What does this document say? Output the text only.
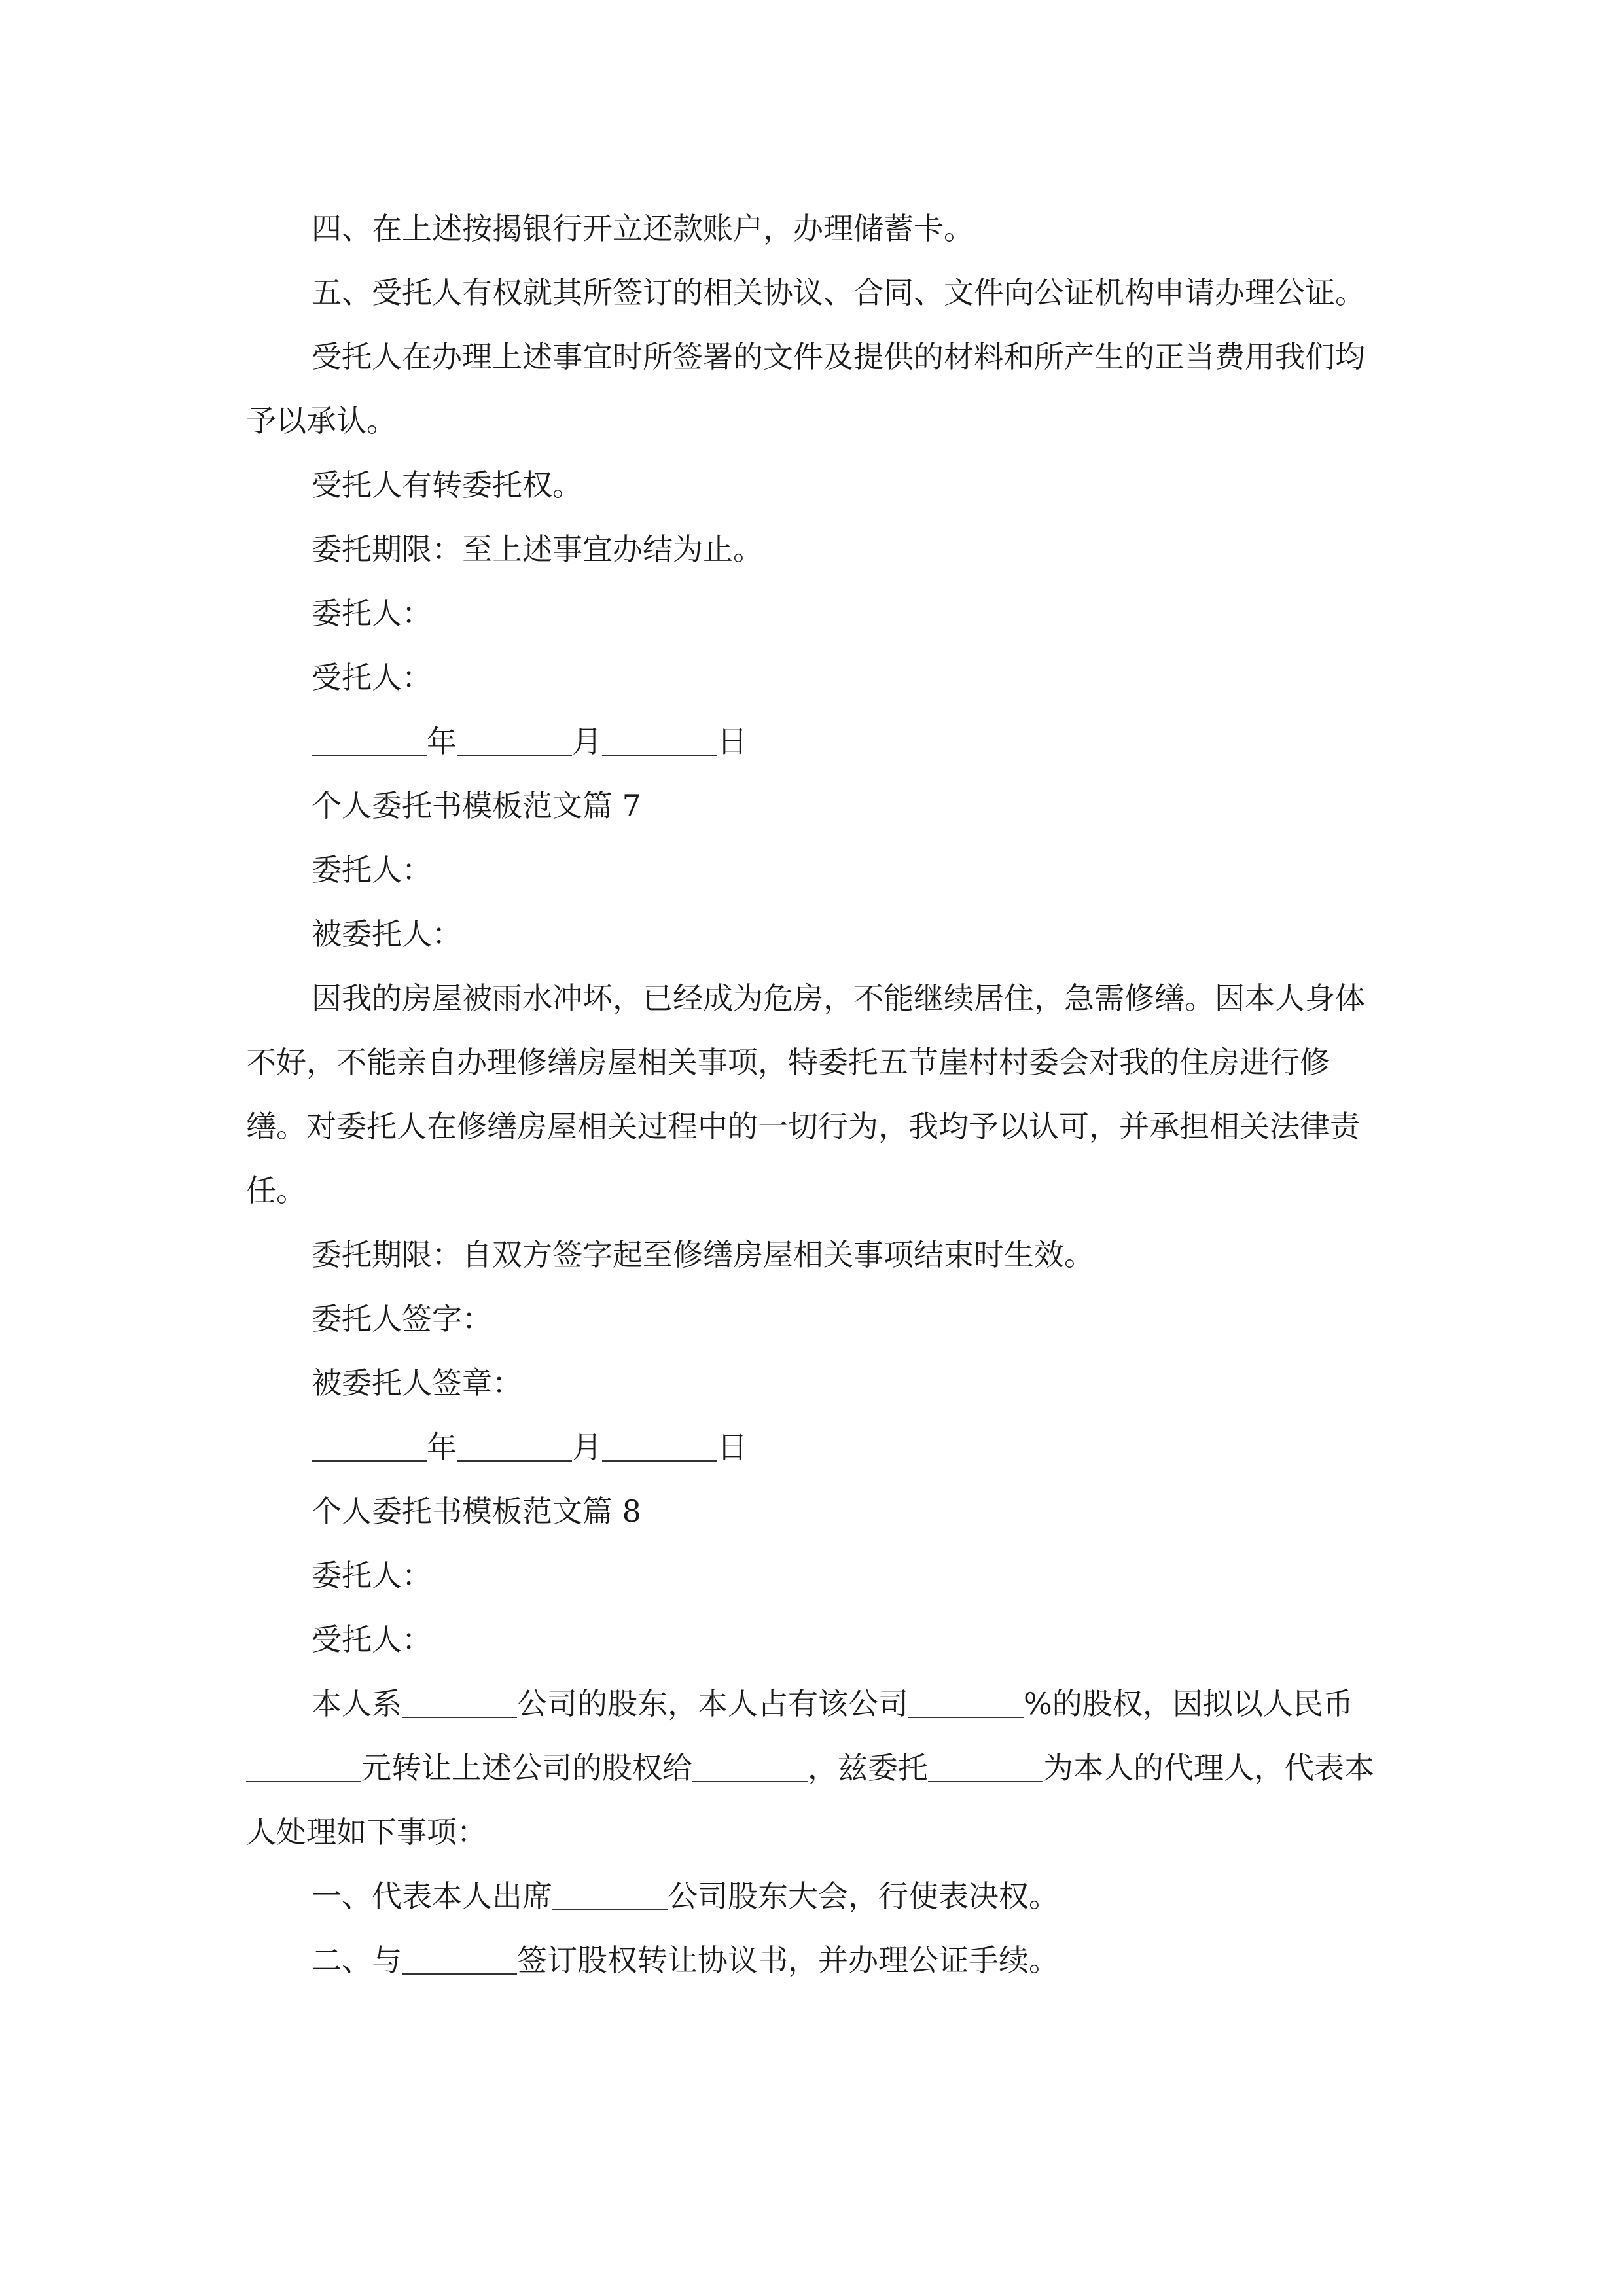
四、在上述按揭银行开立还款账户，办理储蓄卡。

五、受托人有权就其所签订的相关协议、合同、文件向公证机构申请办理公证。

受托人在办理上述事宜时所签署的文件及提供的材料和所产生的正当费用我们均予以承认。

受托人有转委托权。

委托期限：至上述事宜办结为止。

委托人：

受托人：

年	月	日

个人委托书模板范文篇 7

委托人：

被委托人：

因我的房屋被雨水冲坏，已经成为危房，不能继续居住，急需修缮。因本人身体不好，不能亲自办理修缮房屋相关事项，特委托五节崖村村委会对我的住房进行修缮。对委托人在修缮房屋相关过程中的一切行为，我均予以认可，并承担相关法律责任。

委托期限：自双方签字起至修缮房屋相关事项结束时生效。

委托人签字：

被委托人签章：

年	月	日

个人委托书模板范文篇 8

委托人：

受托人：

本人系	公司的股东，本人占有该公司	%的股权，因拟以人民币元转让上述公司的股权给	，兹委托	为本人的代理人，代表本人处理如下事项：

一、代表本人出席	公司股东大会，行使表决权。

二、与	签订股权转让协议书，并办理公证手续。
